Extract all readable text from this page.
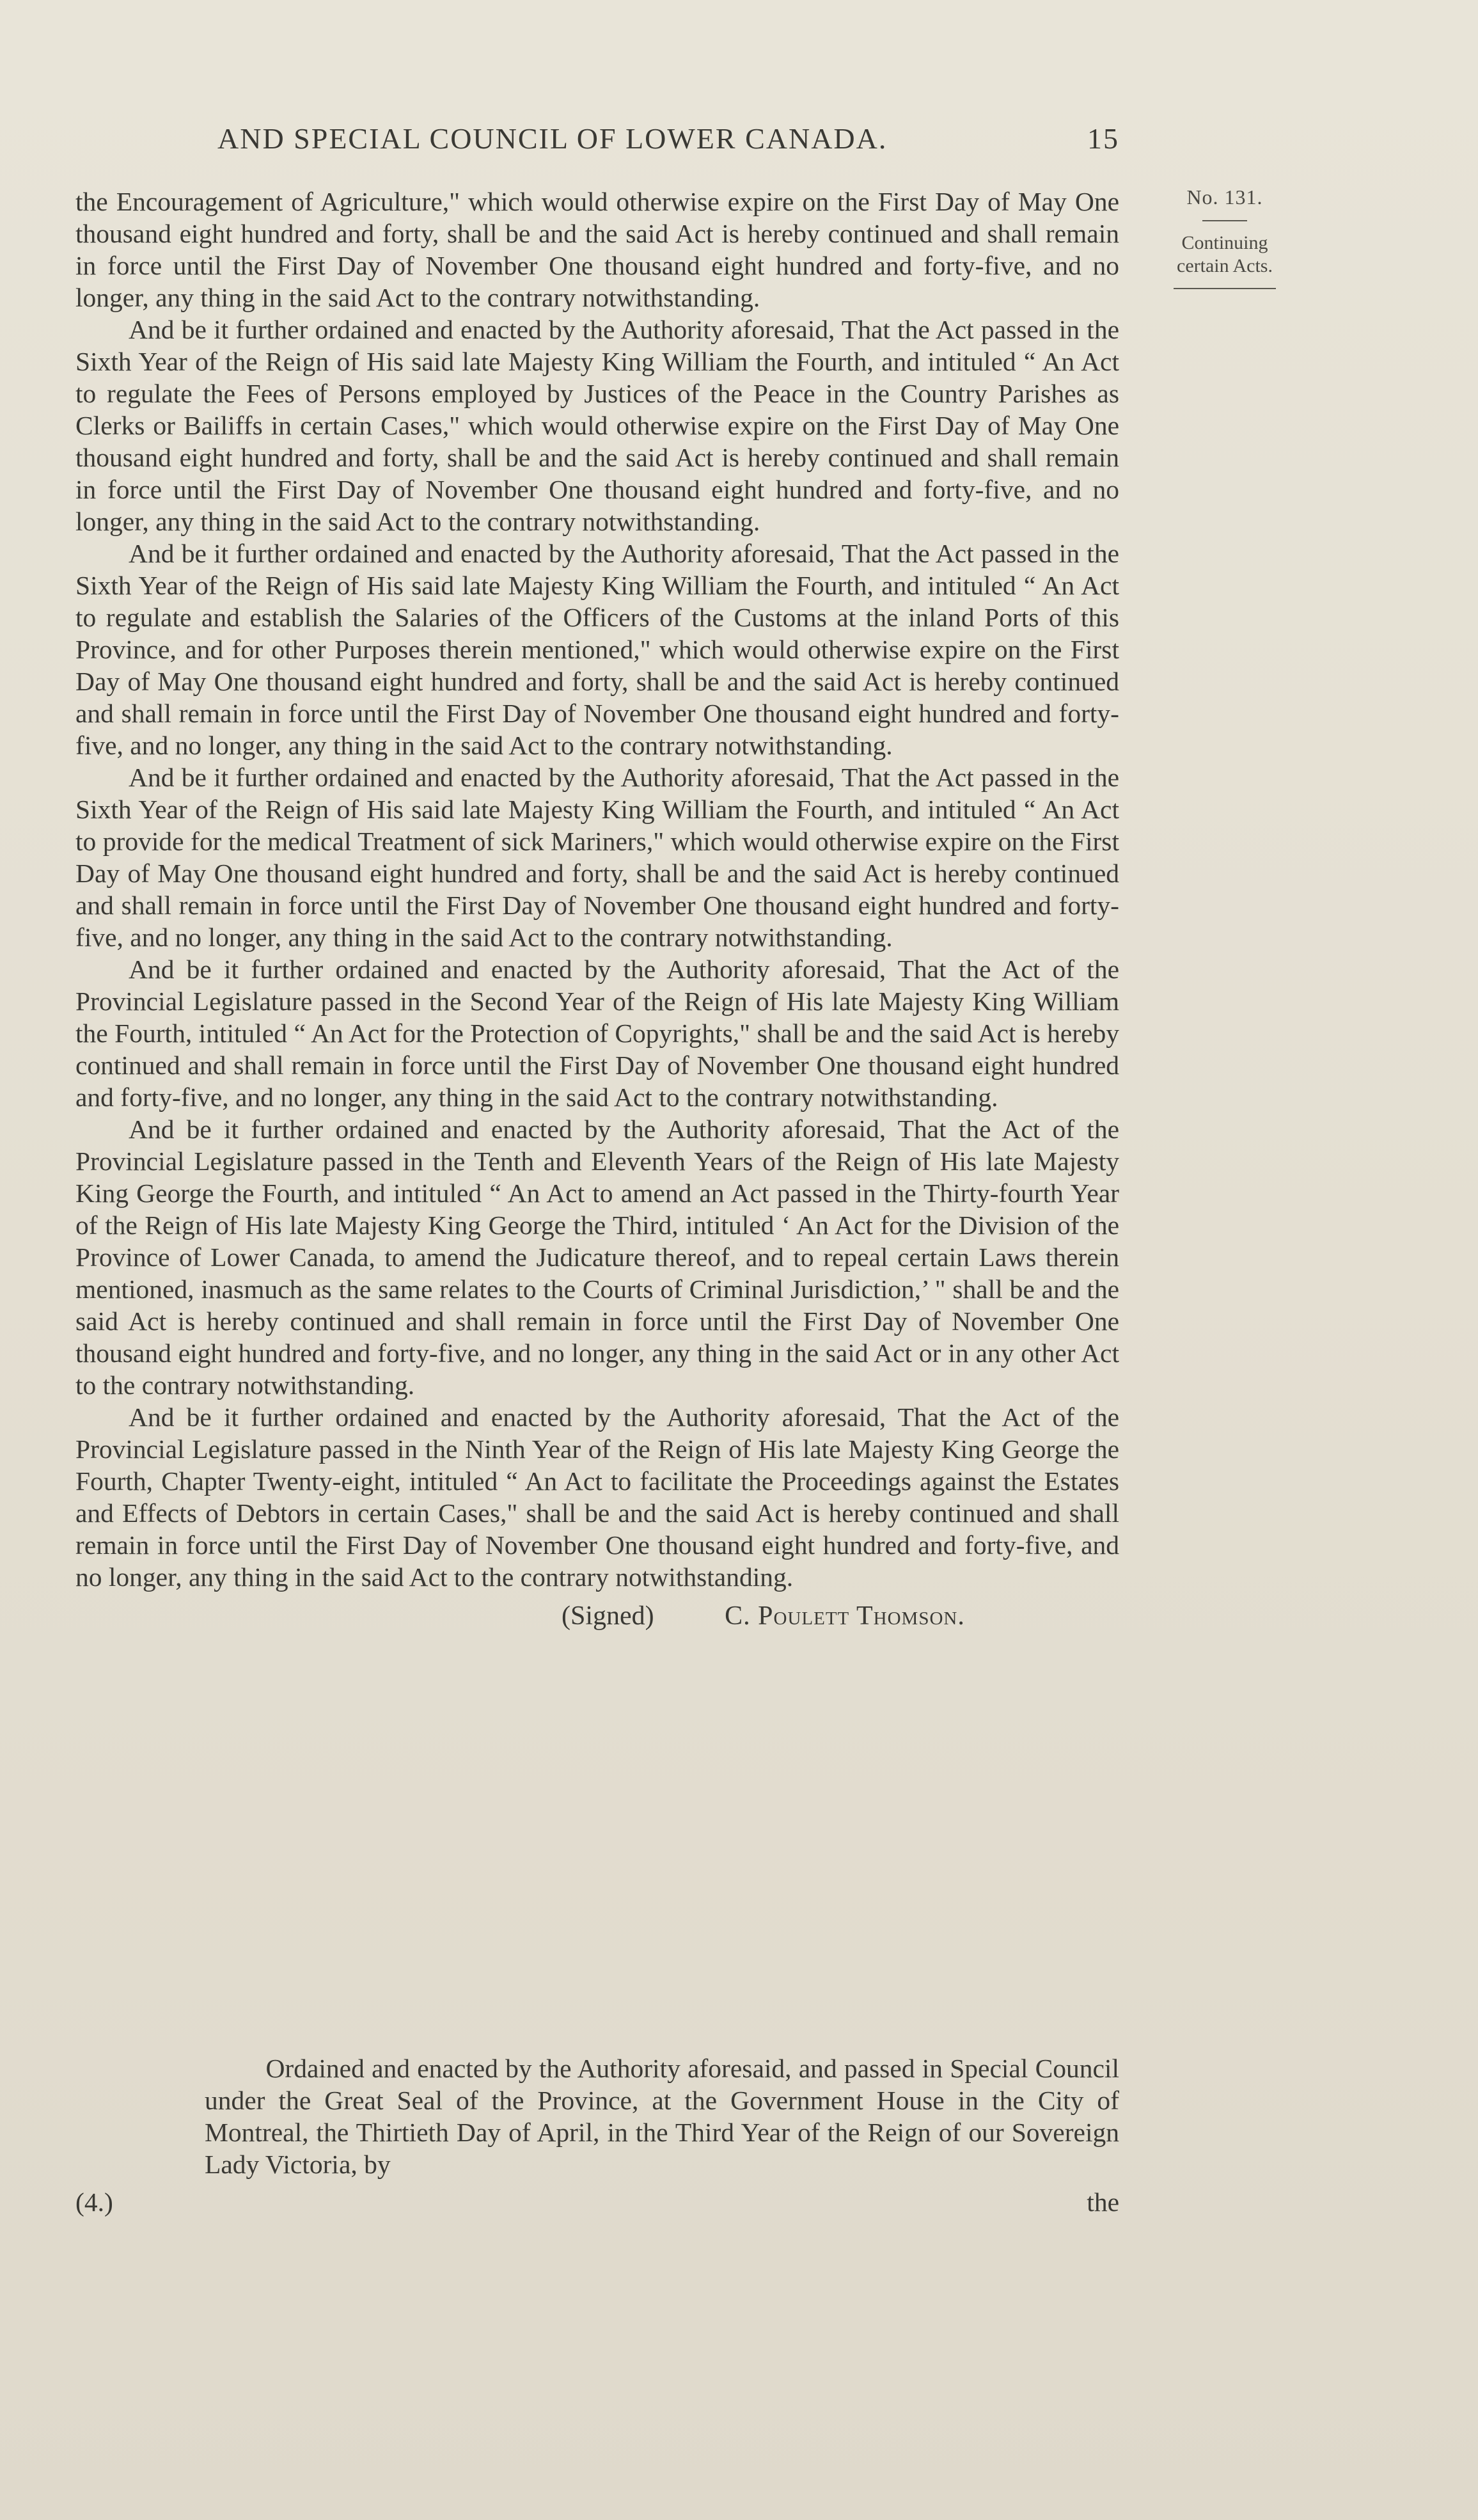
AND SPECIAL COUNCIL OF LOWER CANADA.	15
No. 131.
Continuing
certain Acts.

the Encouragement of Agriculture," which would otherwise expire on the First Day of May One thousand eight hundred and forty, shall be and the said Act is hereby continued and shall remain in force until the First Day of November One thousand eight hundred and forty-five, and no longer, any thing in the said Act to the contrary notwithstanding.

And be it further ordained and enacted by the Authority aforesaid, That the Act passed in the Sixth Year of the Reign of His said late Majesty King William the Fourth, and intituled “ An Act to regulate the Fees of Persons employed by Justices of the Peace in the Country Parishes as Clerks or Bailiffs in certain Cases," which would otherwise expire on the First Day of May One thousand eight hundred and forty, shall be and the said Act is hereby continued and shall remain in force until the First Day of November One thousand eight hundred and forty-five, and no longer, any thing in the said Act to the contrary notwithstanding.

And be it further ordained and enacted by the Authority aforesaid, That the Act passed in the Sixth Year of the Reign of His said late Majesty King William the Fourth, and intituled “ An Act to regulate and establish the Salaries of the Officers of the Customs at the inland Ports of this Province, and for other Purposes therein mentioned," which would otherwise expire on the First Day of May One thousand eight hundred and forty, shall be and the said Act is hereby continued and shall remain in force until the First Day of November One thousand eight hundred and forty-five, and no longer, any thing in the said Act to the contrary notwithstanding.

And be it further ordained and enacted by the Authority aforesaid, That the Act passed in the Sixth Year of the Reign of His said late Majesty King William the Fourth, and intituled “ An Act to provide for the medical Treatment of sick Mariners," which would otherwise expire on the First Day of May One thousand eight hundred and forty, shall be and the said Act is hereby continued and shall remain in force until the First Day of November One thousand eight hundred and forty-five, and no longer, any thing in the said Act to the contrary notwithstanding.

And be it further ordained and enacted by the Authority aforesaid, That the Act of the Provincial Legislature passed in the Second Year of the Reign of His late Majesty King William the Fourth, intituled “ An Act for the Protection of Copyrights," shall be and the said Act is hereby continued and shall remain in force until the First Day of November One thousand eight hundred and forty-five, and no longer, any thing in the said Act to the contrary notwithstanding.

And be it further ordained and enacted by the Authority aforesaid, That the Act of the Provincial Legislature passed in the Tenth and Eleventh Years of the Reign of His late Majesty King George the Fourth, and intituled “ An Act to amend an Act passed in the Thirty-fourth Year of the Reign of His late Majesty King George the Third, intituled ‘ An Act for the Division of the Province of Lower Canada, to amend the Judicature thereof, and to repeal certain Laws therein mentioned, inasmuch as the same relates to the Courts of Criminal Jurisdiction,’ " shall be and the said Act is hereby continued and shall remain in force until the First Day of November One thousand eight hundred and forty-five, and no longer, any thing in the said Act or in any other Act to the contrary notwithstanding.

And be it further ordained and enacted by the Authority aforesaid, That the Act of the Provincial Legislature passed in the Ninth Year of the Reign of His late Majesty King George the Fourth, Chapter Twenty-eight, intituled “ An Act to facilitate the Proceedings against the Estates and Effects of Debtors in certain Cases," shall be and the said Act is hereby continued and shall remain in force until the First Day of November One thousand eight hundred and forty-five, and no longer, any thing in the said Act to the contrary notwithstanding.

(Signed)	C. Poulett Thomson.
Ordained and enacted by the Authority aforesaid, and passed in Special Council under the Great Seal of the Province, at the Government House in the City of Montreal, the Thirtieth Day of April, in the Third Year of the Reign of our Sovereign Lady Victoria, by
(4.)	the
